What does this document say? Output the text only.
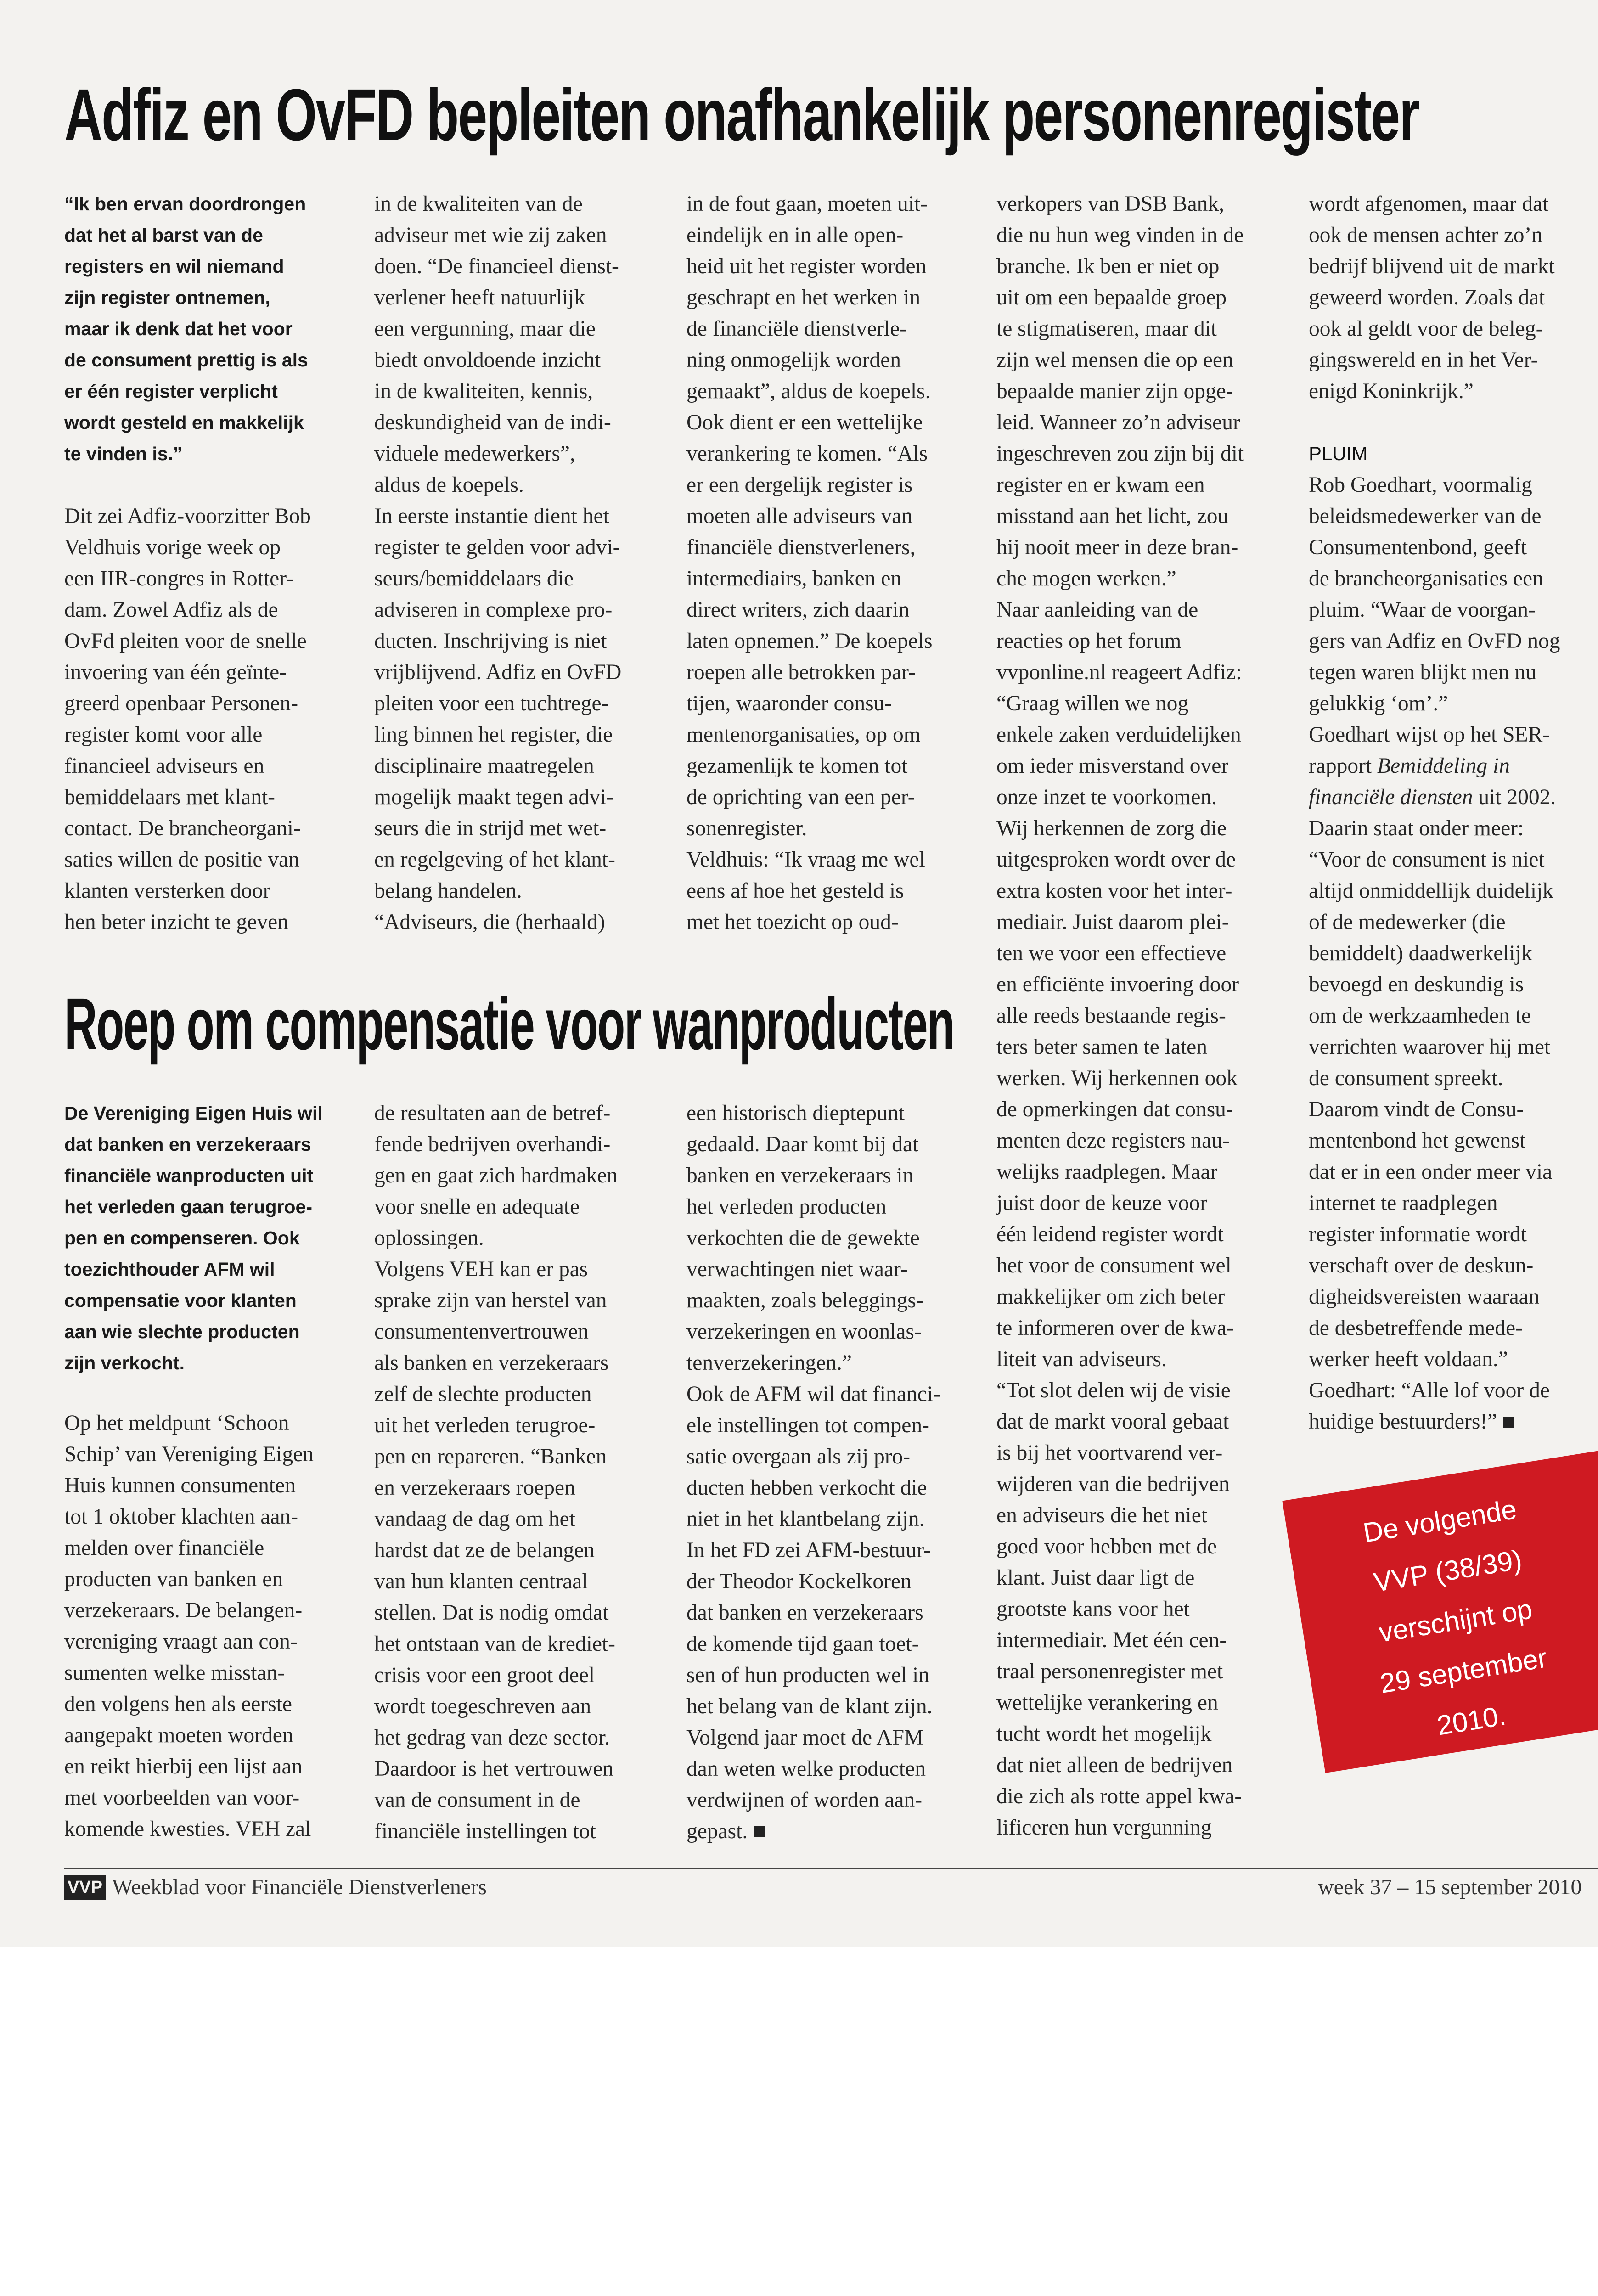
Adfiz en OvFD bepleiten onafhankelijk personenregister

“Ik ben ervan doordrongen

dat het al barst van de

registers en wil niemand

zijn register ontnemen,

maar ik denk dat het voor

de consument prettig is als

er één register verplicht

wordt gesteld en makkelijk

te vinden is.”

Dit zei Adfiz-voorzitter Bob

Veldhuis vorige week op

een IIR-congres in Rotter-

dam. Zowel Adfiz als de

OvFd pleiten voor de snelle

invoering van één geïnte-

greerd openbaar Personen-

register komt voor alle

financieel adviseurs en

bemiddelaars met klant-

contact. De brancheorgani-

saties willen de positie van

klanten versterken door

hen beter inzicht te geven

in de kwaliteiten van de

adviseur met wie zij zaken

doen. “De financieel dienst-

verlener heeft natuurlijk

een vergunning, maar die

biedt onvoldoende inzicht

in de kwaliteiten, kennis,

deskundigheid van de indi-

viduele medewerkers”,

aldus de koepels.

In eerste instantie dient het

register te gelden voor advi-

seurs/bemiddelaars die

adviseren in complexe pro-

ducten. Inschrijving is niet

vrijblijvend. Adfiz en OvFD

pleiten voor een tuchtrege-

ling binnen het register, die

disciplinaire maatregelen

mogelijk maakt tegen advi-

seurs die in strijd met wet-

en regelgeving of het klant-

belang handelen.

“Adviseurs, die (herhaald)

in de fout gaan, moeten uit-

eindelijk en in alle open-

heid uit het register worden

geschrapt en het werken in

de financiële dienstverle-

ning onmogelijk worden

gemaakt”, aldus de koepels.

Ook dient er een wettelijke

verankering te komen. “Als

er een dergelijk register is

moeten alle adviseurs van

financiële dienstverleners,

intermediairs, banken en

direct writers, zich daarin

laten opnemen.” De koepels

roepen alle betrokken par-

tijen, waaronder consu-

mentenorganisaties, op om

gezamenlijk te komen tot

de oprichting van een per-

sonenregister.

Veldhuis: “Ik vraag me wel

eens af hoe het gesteld is

met het toezicht op oud-

verkopers van DSB Bank,

die nu hun weg vinden in de

branche. Ik ben er niet op

uit om een bepaalde groep

te stigmatiseren, maar dit

zijn wel mensen die op een

bepaalde manier zijn opge-

leid. Wanneer zo’n adviseur

ingeschreven zou zijn bij dit

register en er kwam een

misstand aan het licht, zou

hij nooit meer in deze bran-

che mogen werken.”

Naar aanleiding van de

reacties op het forum

vvponline.nl reageert Adfiz:

“Graag willen we nog

enkele zaken verduidelijken

om ieder misverstand over

onze inzet te voorkomen.

Wij herkennen de zorg die

uitgesproken wordt over de

extra kosten voor het inter-

mediair. Juist daarom plei-

ten we voor een effectieve

en efficiënte invoering door

alle reeds bestaande regis-

ters beter samen te laten

werken. Wij herkennen ook

de opmerkingen dat consu-

menten deze registers nau-

welijks raadplegen. Maar

juist door de keuze voor

één leidend register wordt

het voor de consument wel

makkelijker om zich beter

te informeren over de kwa-

liteit van adviseurs.

“Tot slot delen wij de visie

dat de markt vooral gebaat

is bij het voortvarend ver-

wijderen van die bedrijven

en adviseurs die het niet

goed voor hebben met de

klant. Juist daar ligt de

grootste kans voor het

intermediair. Met één cen-

traal personenregister met

wettelijke verankering en

tucht wordt het mogelijk

dat niet alleen de bedrijven

die zich als rotte appel kwa-

lificeren hun vergunning

wordt afgenomen, maar dat

ook de mensen achter zo’n

bedrijf blijvend uit de markt

geweerd worden. Zoals dat

ook al geldt voor de beleg-

gingswereld en in het Ver-

enigd Koninkrijk.”

PLUIM

Rob Goedhart, voormalig

beleidsmedewerker van de

Consumentenbond, geeft

de brancheorganisaties een

pluim. “Waar de voorgan-

gers van Adfiz en OvFD nog

tegen waren blijkt men nu

gelukkig ‘om’.”

Goedhart wijst op het SER-

rapport Bemiddeling in

financiële diensten uit 2002.

Daarin staat onder meer:

“Voor de consument is niet

altijd onmiddellijk duidelijk

of de medewerker (die

bemiddelt) daadwerkelijk

bevoegd en deskundig is

om de werkzaamheden te

verrichten waarover hij met

de consument spreekt.

Daarom vindt de Consu-

mentenbond het gewenst

dat er in een onder meer via

internet te raadplegen

register informatie wordt

verschaft over de deskun-

digheidsvereisten waaraan

de desbetreffende mede-

werker heeft voldaan.”

Goedhart: “Alle lof voor de

huidige bestuurders!”

Roep om compensatie voor wanproducten

De Vereniging Eigen Huis wil

dat banken en verzekeraars

financiële wanproducten uit

het verleden gaan terugroe-

pen en compenseren. Ook

toezichthouder AFM wil

compensatie voor klanten

aan wie slechte producten

zijn verkocht.

Op het meldpunt ‘Schoon

Schip’ van Vereniging Eigen

Huis kunnen consumenten

tot 1 oktober klachten aan-

melden over financiële

producten van banken en

verzekeraars. De belangen-

vereniging vraagt aan con-

sumenten welke misstan-

den volgens hen als eerste

aangepakt moeten worden

en reikt hierbij een lijst aan

met voorbeelden van voor-

komende kwesties. VEH zal

de resultaten aan de betref-

fende bedrijven overhandi-

gen en gaat zich hardmaken

voor snelle en adequate

oplossingen.

Volgens VEH kan er pas

sprake zijn van herstel van

consumentenvertrouwen

als banken en verzekeraars

zelf de slechte producten

uit het verleden terugroe-

pen en repareren. “Banken

en verzekeraars roepen

vandaag de dag om het

hardst dat ze de belangen

van hun klanten centraal

stellen. Dat is nodig omdat

het ontstaan van de krediet-

crisis voor een groot deel

wordt toegeschreven aan

het gedrag van deze sector.

Daardoor is het vertrouwen

van de consument in de

financiële instellingen tot

een historisch dieptepunt

gedaald. Daar komt bij dat

banken en verzekeraars in

het verleden producten

verkochten die de gewekte

verwachtingen niet waar-

maakten, zoals beleggings-

verzekeringen en woonlas-

tenverzekeringen.”

Ook de AFM wil dat financi-

ele instellingen tot compen-

satie overgaan als zij pro-

ducten hebben verkocht die

niet in het klantbelang zijn.

In het FD zei AFM-bestuur-

der Theodor Kockelkoren

dat banken en verzekeraars

de komende tijd gaan toet-

sen of hun producten wel in

het belang van de klant zijn.

Volgend jaar moet de AFM

dan weten welke producten

verdwijnen of worden aan-

gepast.

De volgende

VVP (38/39)

verschijnt op

29 september

2010.

VVP Weekblad voor Financiële Dienstverleners	week 37 – 15 september 2010
